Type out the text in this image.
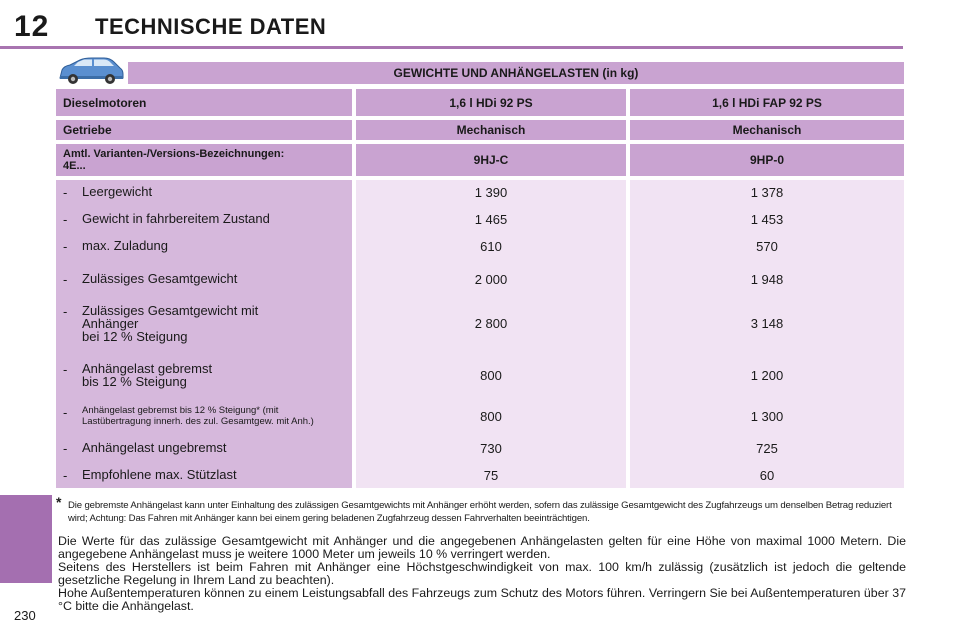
12 TECHNISCHE DATEN
230
GEWICHTE UND ANHÄNGELASTEN (in kg)
Dieselmotoren	1,6 l HDi 92 PS	1,6 l HDi FAP 92 PS
Getriebe	Mechanisch	Mechanisch
Amtl. Varianten-/Versions-Bezeichnungen:
4E...	9HJ-C	9HP-0
-	Leergewicht	1 390	1 378
-	Gewicht in fahrbereitem Zustand	1 465	1 453
-	max. Zuladung	610	570
-	Zulässiges Gesamtgewicht	2 000	1 948
-	Zulässiges Gesamtgewicht mit
Anhänger
bei 12 % Steigung
2 800	3 148
-	Anhängelast gebremst
bis 12 % Steigung	800	1 200
-	Anhängelast gebremst bis 12 % Steigung* (mit
Lastübertragung innerh. des zul. Gesamtgew. mit Anh.)	800	1 300
-	Anhängelast ungebremst	730	725
-	Empfohlene max. Stützlast	75	60
* Die gebremste Anhängelast kann unter Einhaltung des zulässigen Gesamtgewichts mit Anhänger erhöht werden, sofern das zulässige Gesamtgewicht des Zugfahrzeugs um denselben Betrag reduziert wird; Achtung: Das Fahren mit Anhänger kann bei einem gering beladenen Zugfahrzeug dessen Fahrverhalten beeinträchtigen.

Die Werte für das zulässige Gesamtgewicht mit Anhänger und die angegebenen Anhängelasten gelten für eine Höhe von maximal 1000 Metern. Die angegebene Anhängelast muss je weitere 1000 Meter um jeweils 10 % verringert werden.

Seitens des Herstellers ist beim Fahren mit Anhänger eine Höchstgeschwindigkeit von max. 100 km/h zulässig (zusätzlich ist jedoch die geltende gesetzliche Regelung in Ihrem Land zu beachten).

Hohe Außentemperaturen können zu einem Leistungsabfall des Fahrzeugs zum Schutz des Motors führen. Verringern Sie bei Außentemperaturen über 37 °C bitte die Anhängelast.
